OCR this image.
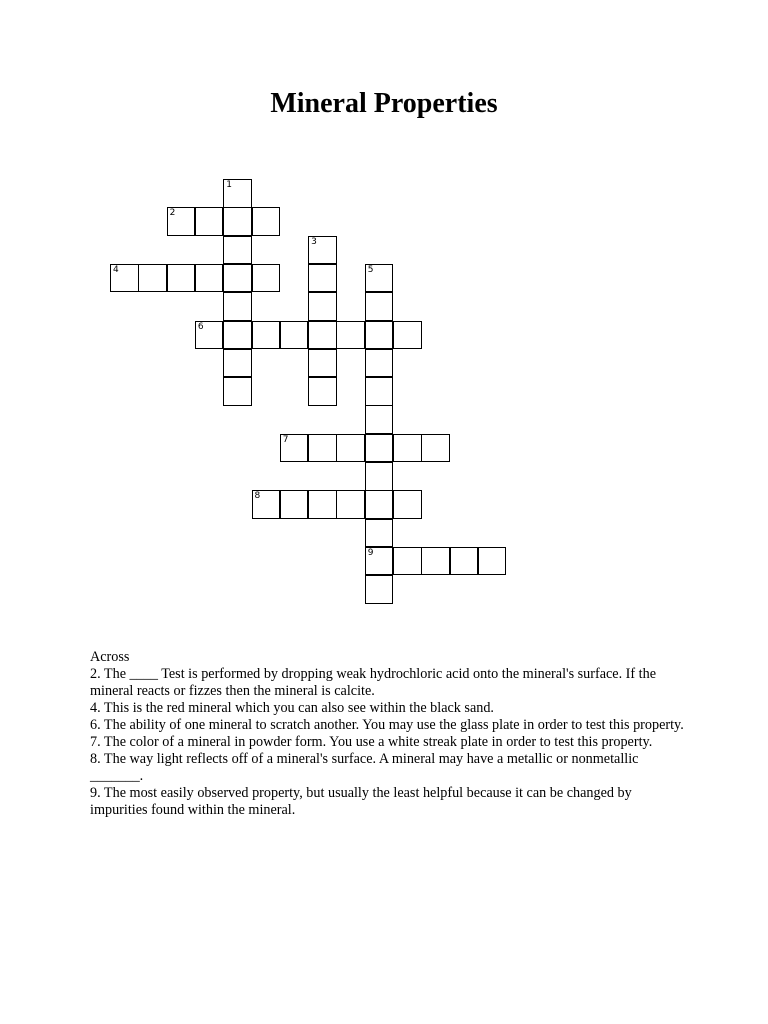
Mineral Properties
1
2
3
4	5
9
6
7
8
Across
2. The ____ Test is performed by dropping weak hydrochloric acid onto the mineral's surface. If the mineral reacts or fizzes then the mineral is calcite.
4. This is the red mineral which you can also see within the black sand.
6. The ability of one mineral to scratch another. You may use the glass plate in order to test this property.
7. The color of a mineral in powder form. You use a white streak plate in order to test this property.
8. The way light reflects off of a mineral's surface. A mineral may have a metallic or nonmetallic _______.
9. The most easily observed property, but usually the least helpful because it can be changed by impurities found within the mineral.
